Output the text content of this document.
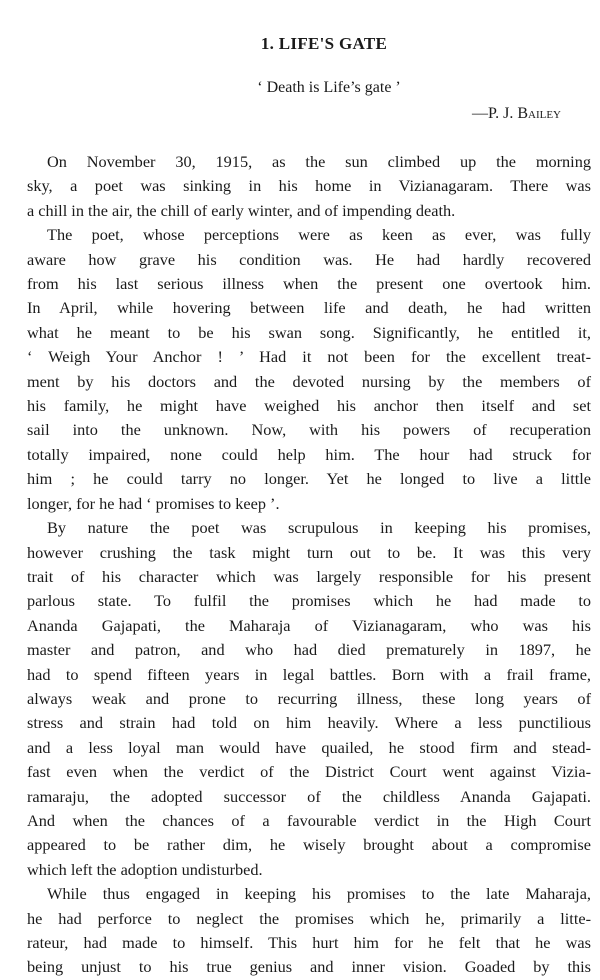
1. LIFE'S GATE

‘ Death is Life’s gate ’

—P. J. Bailey

On November 30, 1915, as the sun climbed up the morning
sky, a poet was sinking in his home in Vizianagaram. There was
a chill in the air, the chill of early winter, and of impending death.

The poet, whose perceptions were as keen as ever, was fully
aware how grave his condition was. He had hardly recovered
from his last serious illness when the present one overtook him.
In April, while hovering between life and death, he had written
what he meant to be his swan song. Significantly, he entitled it,
‘ Weigh Your Anchor ! ’ Had it not been for the excellent treat-
ment by his doctors and the devoted nursing by the members of
his family, he might have weighed his anchor then itself and set
sail into the unknown. Now, with his powers of recuperation
totally impaired, none could help him. The hour had struck for
him ; he could tarry no longer. Yet he longed to live a little
longer, for he had ‘ promises to keep ’.

By nature the poet was scrupulous in keeping his promises,
however crushing the task might turn out to be. It was this very
trait of his character which was largely responsible for his present
parlous state. To fulfil the promises which he had made to
Ananda Gajapati, the Maharaja of Vizianagaram, who was his
master and patron, and who had died prematurely in 1897, he
had to spend fifteen years in legal battles. Born with a frail frame,
always weak and prone to recurring illness, these long years of
stress and strain had told on him heavily. Where a less punctilious
and a less loyal man would have quailed, he stood firm and stead-
fast even when the verdict of the District Court went against Vizia-
ramaraju, the adopted successor of the childless Ananda Gajapati.
And when the chances of a favourable verdict in the High Court
appeared to be rather dim, he wisely brought about a compromise
which left the adoption undisturbed.

While thus engaged in keeping his promises to the late Maharaja,
he had perforce to neglect the promises which he, primarily a litte-
rateur, had made to himself. This hurt him for he felt that he was
being unjust to his true genius and inner vision. Goaded by this
